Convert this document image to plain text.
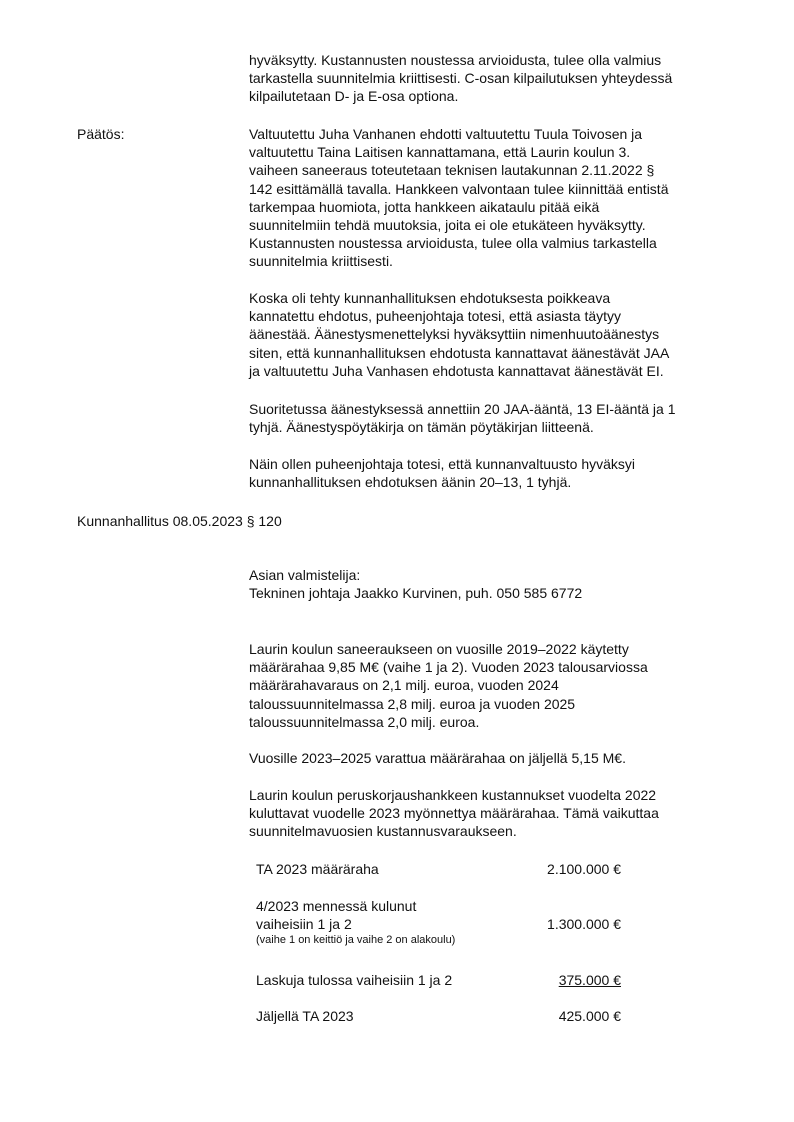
hyväksytty. Kustannusten noustessa arvioidusta, tulee olla valmius

tarkastella suunnitelmia kriittisesti. C-osan kilpailutuksen yhteydessä

kilpailutetaan D- ja E-osa optiona.

Päätös:	Valtuutettu Juha Vanhanen ehdotti valtuutettu Tuula Toivosen ja

valtuutettu Taina Laitisen kannattamana, että Laurin koulun 3.

vaiheen saneeraus toteutetaan teknisen lautakunnan 2.11.2022 §

142 esittämällä tavalla. Hankkeen valvontaan tulee kiinnittää entistä

tarkempaa huomiota, jotta hankkeen aikataulu pitää eikä

suunnitelmiin tehdä muutoksia, joita ei ole etukäteen hyväksytty.

Kustannusten noustessa arvioidusta, tulee olla valmius tarkastella

suunnitelmia kriittisesti.

Koska oli tehty kunnanhallituksen ehdotuksesta poikkeava

kannatettu ehdotus, puheenjohtaja totesi, että asiasta täytyy

äänestää. Äänestysmenettelyksi hyväksyttiin nimenhuutoäänestys

siten, että kunnanhallituksen ehdotusta kannattavat äänestävät JAA

ja valtuutettu Juha Vanhasen ehdotusta kannattavat äänestävät EI.

Suoritetussa äänestyksessä annettiin 20 JAA-ääntä, 13 EI-ääntä ja 1

tyhjä. Äänestyspöytäkirja on tämän pöytäkirjan liitteenä.

Näin ollen puheenjohtaja totesi, että kunnanvaltuusto hyväksyi

kunnanhallituksen ehdotuksen äänin 20–13, 1 tyhjä.

Kunnanhallitus 08.05.2023 § 120

Asian valmistelija:

Tekninen johtaja Jaakko Kurvinen, puh. 050 585 6772

Laurin koulun saneeraukseen on vuosille 2019–2022 käytetty

määrärahaa 9,85 M€ (vaihe 1 ja 2). Vuoden 2023 talousarviossa

määrärahavaraus on 2,1 milj. euroa, vuoden 2024

taloussuunnitelmassa 2,8 milj. euroa ja vuoden 2025

taloussuunnitelmassa 2,0 milj. euroa.

Vuosille 2023–2025 varattua määrärahaa on jäljellä 5,15 M€.

Laurin koulun peruskorjaushankkeen kustannukset vuodelta 2022

kuluttavat vuodelle 2023 myönnettya määrärahaa. Tämä vaikuttaa

suunnitelmavuosien kustannusvaraukseen.

TA 2023 määräraha	2.100.000 €
4/2023 mennessä kulunut
vaiheisiin 1 ja 2	1.300.000 €
(vaihe 1 on keittiö ja vaihe 2 on alakoulu)
Laskuja tulossa vaiheisiin 1 ja 2	375.000 €
Jäljellä TA 2023	425.000 €
